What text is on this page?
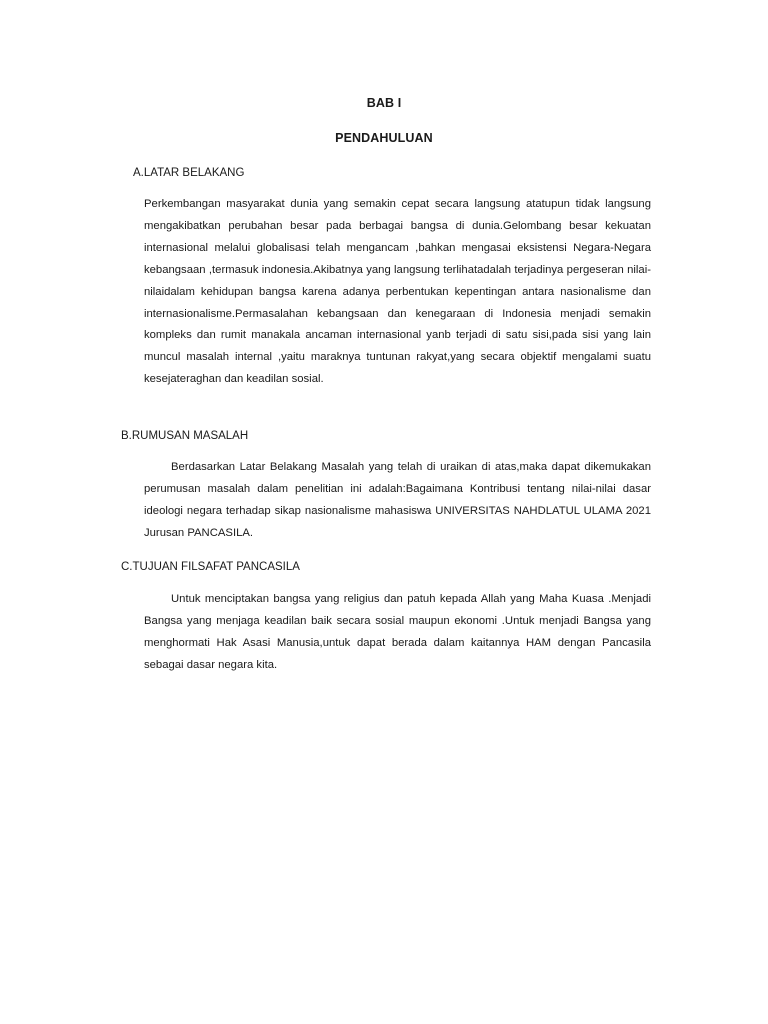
BAB I
PENDAHULUAN
A.LATAR BELAKANG

Perkembangan masyarakat dunia yang semakin cepat secara langsung atatupun tidak langsung mengakibatkan perubahan besar pada berbagai bangsa di dunia.Gelombang besar kekuatan internasional melalui globalisasi telah mengancam ,bahkan mengasai eksistensi Negara-Negara kebangsaan ,termasuk indonesia.Akibatnya yang langsung terlihatadalah terjadinya pergeseran nilai-nilaidalam kehidupan bangsa karena adanya perbentukan kepentingan antara nasionalisme dan internasionalisme.Permasalahan kebangsaan dan kenegaraan di Indonesia menjadi semakin kompleks dan rumit manakala ancaman internasional yanb terjadi di satu sisi,pada sisi yang lain muncul masalah internal ,yaitu maraknya tuntunan rakyat,yang secara objektif mengalami suatu kesejateraghan dan keadilan sosial.

B.RUMUSAN MASALAH

Berdasarkan Latar Belakang Masalah yang telah di uraikan di atas,maka dapat dikemukakan perumusan masalah dalam penelitian ini adalah:Bagaimana Kontribusi tentang nilai-nilai dasar ideologi negara terhadap sikap nasionalisme mahasiswa UNIVERSITAS NAHDLATUL ULAMA 2021 Jurusan PANCASILA.

C.TUJUAN FILSAFAT PANCASILA

Untuk menciptakan bangsa yang religius dan patuh kepada Allah yang Maha Kuasa .Menjadi Bangsa yang menjaga keadilan baik secara sosial maupun ekonomi .Untuk menjadi Bangsa yang menghormati Hak Asasi Manusia,untuk dapat berada dalam kaitannya HAM dengan Pancasila sebagai dasar negara kita.
